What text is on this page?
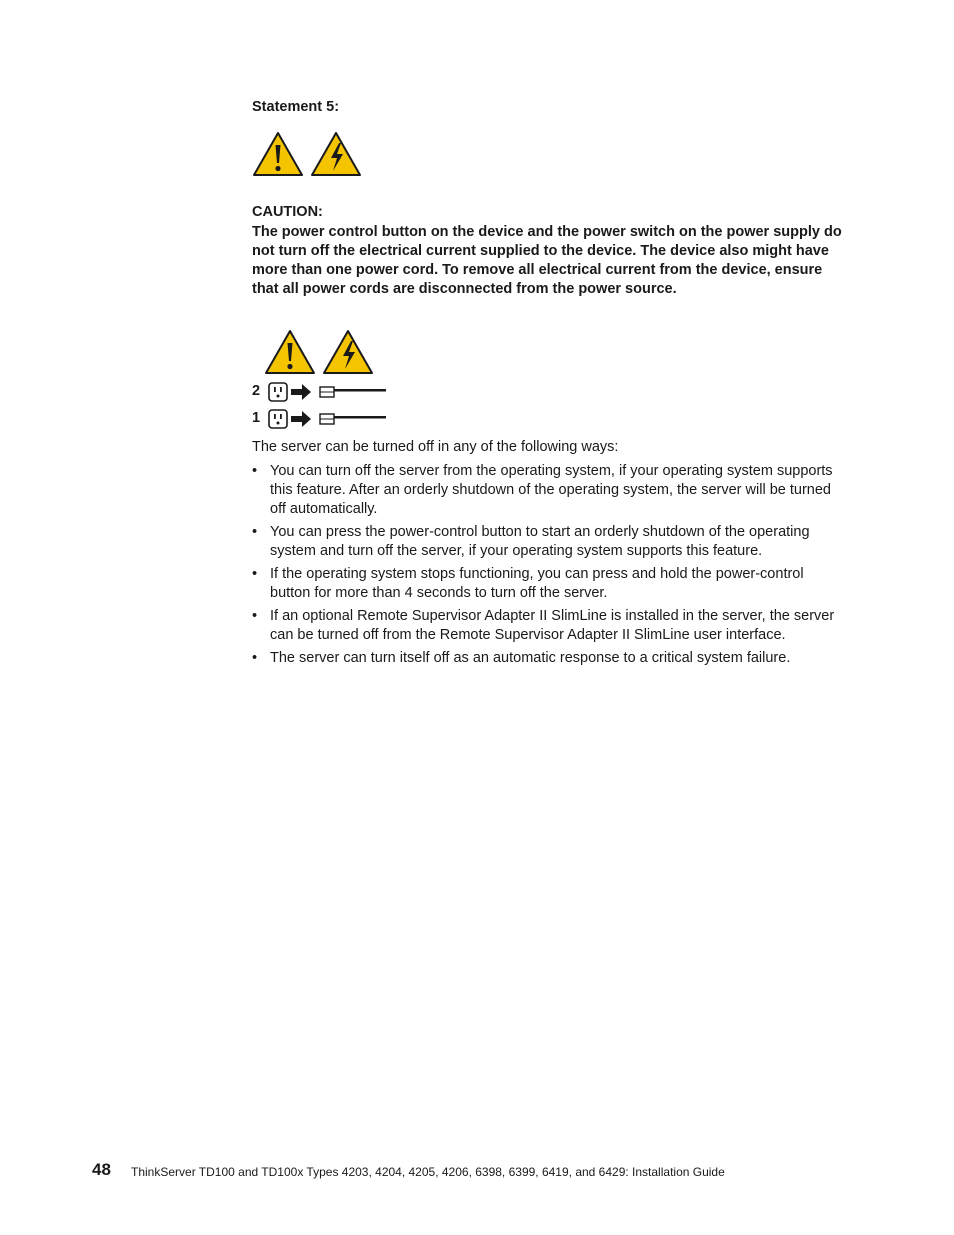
Statement 5:
CAUTION:
The power control button on the device and the power switch on the power supply do not turn off the electrical current supplied to the device. The device also might have more than one power cord. To remove all electrical current from the device, ensure that all power cords are disconnected from the power source.
2
1
The server can be turned off in any of the following ways:
• You can turn off the server from the operating system, if your operating system supports this feature. After an orderly shutdown of the operating system, the server will be turned off automatically.
• You can press the power-control button to start an orderly shutdown of the operating system and turn off the server, if your operating system supports this feature.
• If the operating system stops functioning, you can press and hold the power-control button for more than 4 seconds to turn off the server.
• If an optional Remote Supervisor Adapter II SlimLine is installed in the server, the server can be turned off from the Remote Supervisor Adapter II SlimLine user interface.
• The server can turn itself off as an automatic response to a critical system failure.
48 ThinkServer TD100 and TD100x Types 4203, 4204, 4205, 4206, 6398, 6399, 6419, and 6429: Installation Guide
